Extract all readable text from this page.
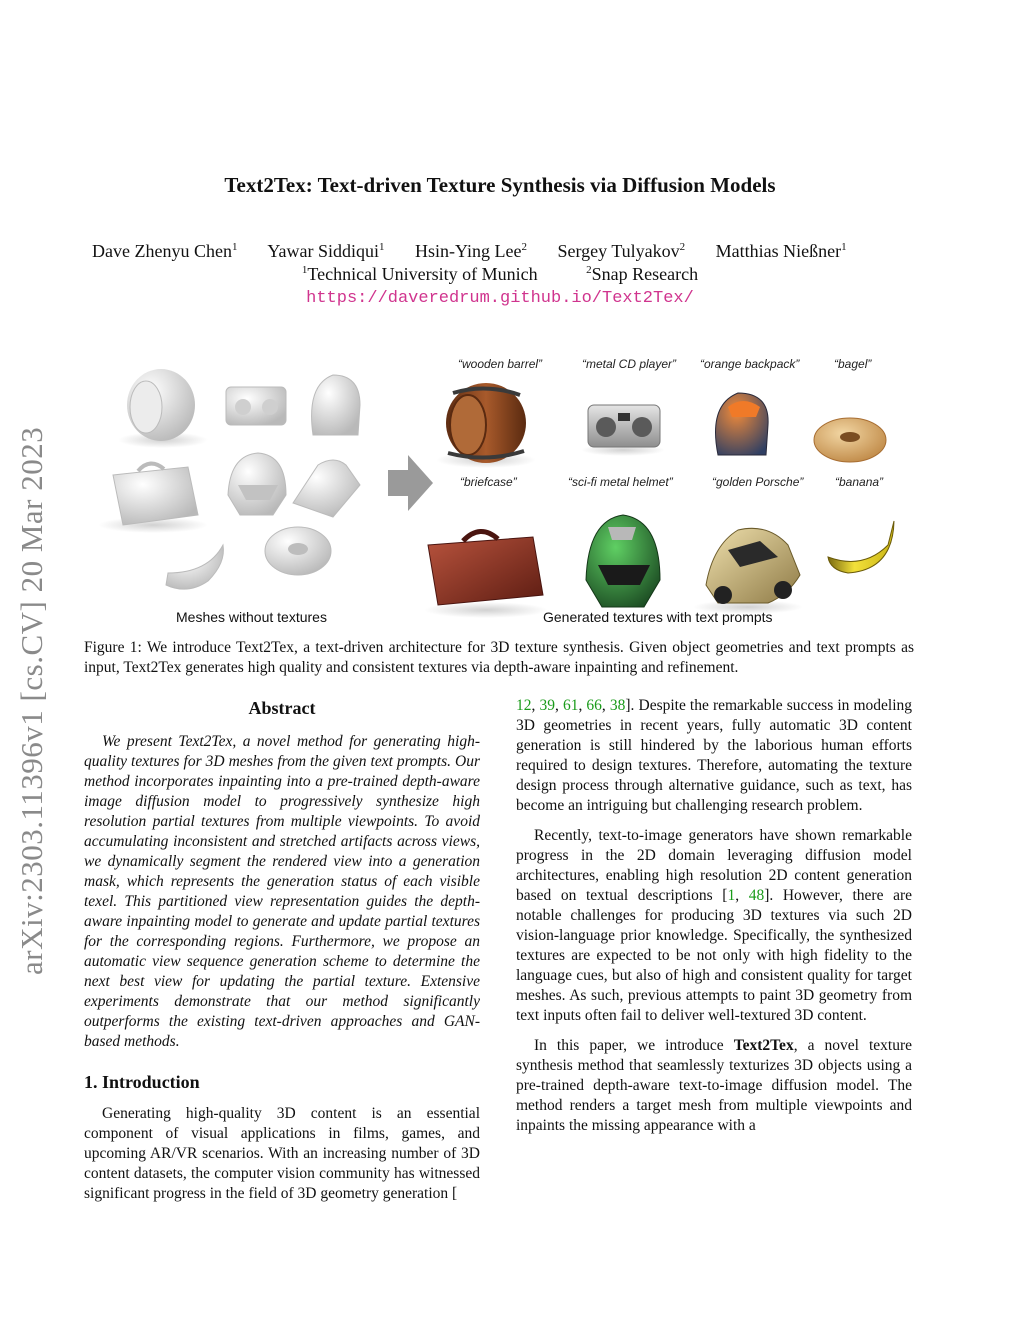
arXiv:2303.11396v1 [cs.CV] 20 Mar 2023
Text2Tex: Text-driven Texture Synthesis via Diffusion Models
Dave Zhenyu Chen$^1$ Yawar Siddiqui$^1$ Hsin-Ying Lee$^2$ Sergey Tulyakov$^2$ Matthias Nießner$^1$
$^1$Technical University of Munich	$^2$Snap Research
https://daveredrum.github.io/Text2Tex/
“wooden barrel”	“metal CD player” “orange backpack”	“bagel”
“briefcase”	“sci-fi metal helmet”	“golden Porsche”	“banana”
Meshes without textures	Generated textures with text prompts
Figure 1: We introduce Text2Tex, a text-driven architecture for 3D texture synthesis. Given object geometries and text prompts as input, Text2Tex generates high quality and consistent textures via depth-aware inpainting and refinement.
Abstract

We present Text2Tex, a novel method for generating high-quality textures for 3D meshes from the given text prompts. Our method incorporates inpainting into a pre-trained depth-aware image diffusion model to progressively synthesize high resolution partial textures from multiple viewpoints. To avoid accumulating inconsistent and stretched artifacts across views, we dynamically segment the rendered view into a generation mask, which represents the generation status of each visible texel. This partitioned view representation guides the depth-aware inpainting model to generate and update partial textures for the corresponding regions. Furthermore, we propose an automatic view sequence generation scheme to determine the next best view for updating the partial texture. Extensive experiments demonstrate that our method significantly outperforms the existing text-driven approaches and GAN-based methods.

1. Introduction

Generating high-quality 3D content is an essential component of visual applications in films, games, and upcoming AR/VR scenarios. With an increasing number of 3D content datasets, the computer vision community has witnessed significant progress in the field of 3D geometry generation [

12, 39, 61, 66, 38]. Despite the remarkable success in modeling 3D geometries in recent years, fully automatic 3D content generation is still hindered by the laborious human efforts required to design textures. Therefore, automating the texture design process through alternative guidance, such as text, has become an intriguing but challenging research problem.

Recently, text-to-image generators have shown remarkable progress in the 2D domain leveraging diffusion model architectures, enabling high resolution 2D content generation based on textual descriptions [1, 48]. However, there are notable challenges for producing 3D textures via such 2D vision-language prior knowledge. Specifically, the synthesized textures are expected to be not only with high fidelity to the language cues, but also of high and consistent quality for target meshes. As such, previous attempts to paint 3D geometry from text inputs often fail to deliver well-textured 3D content.

In this paper, we introduce Text2Tex, a novel texture synthesis method that seamlessly texturizes 3D objects using a pre-trained depth-aware text-to-image diffusion model. The method renders a target mesh from multiple viewpoints and inpaints the missing appearance with a
